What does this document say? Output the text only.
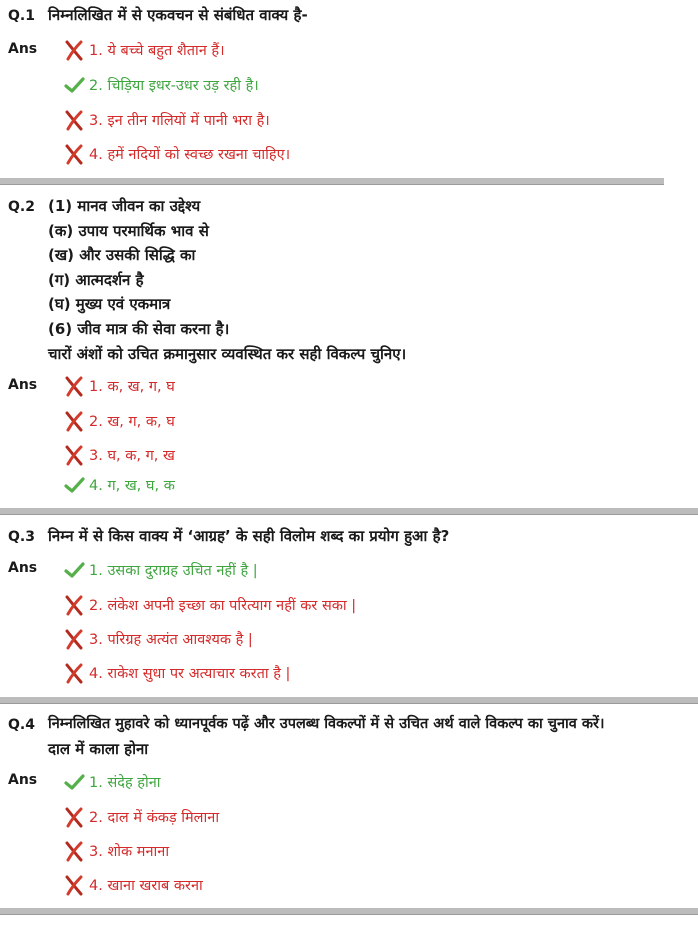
Q.1 निम्नलिखित में से एकवचन से संबंधित वाक्य है-
Ans	1. ये बच्चे बहुत शैतान हैं।
2. चिड़िया इधर-उधर उड़ रही है।
3. इन तीन गलियों में पानी भरा है।
4. हमें नदियों को स्वच्छ रखना चाहिए।
Q.2 (1) मानव जीवन का उद्देश्य
(क) उपाय परमार्थिक भाव से
(ख) और उसकी सिद्धि का
(ग) आत्मदर्शन है
(घ) मुख्य एवं एकमात्र
(6) जीव मात्र की सेवा करना है।
चारों अंशों को उचित क्रमानुसार व्यवस्थित कर सही विकल्प चुनिए।
Ans	1. क, ख, ग, घ
2. ख, ग, क, घ
3. घ, क, ग, ख
4. ग, ख, घ, क
Q.3 निम्न में से किस वाक्य में ‘आग्रह’ के सही विलोम शब्द का प्रयोग हुआ है?
Ans	1. उसका दुराग्रह उचित नहीं है |
2. लंकेश अपनी इच्छा का परित्याग नहीं कर सका |
3. परिग्रह अत्यंत आवश्यक है |
4. राकेश सुधा पर अत्याचार करता है |
Q.4 निम्नलिखित मुहावरे को ध्यानपूर्वक पढ़ें और उपलब्ध विकल्पों में से उचित अर्थ वाले विकल्प का चुनाव करें।
दाल में काला होना
Ans	1. संदेह होना
2. दाल में कंकड़ मिलाना
3. शोक मनाना
4. खाना खराब करना
